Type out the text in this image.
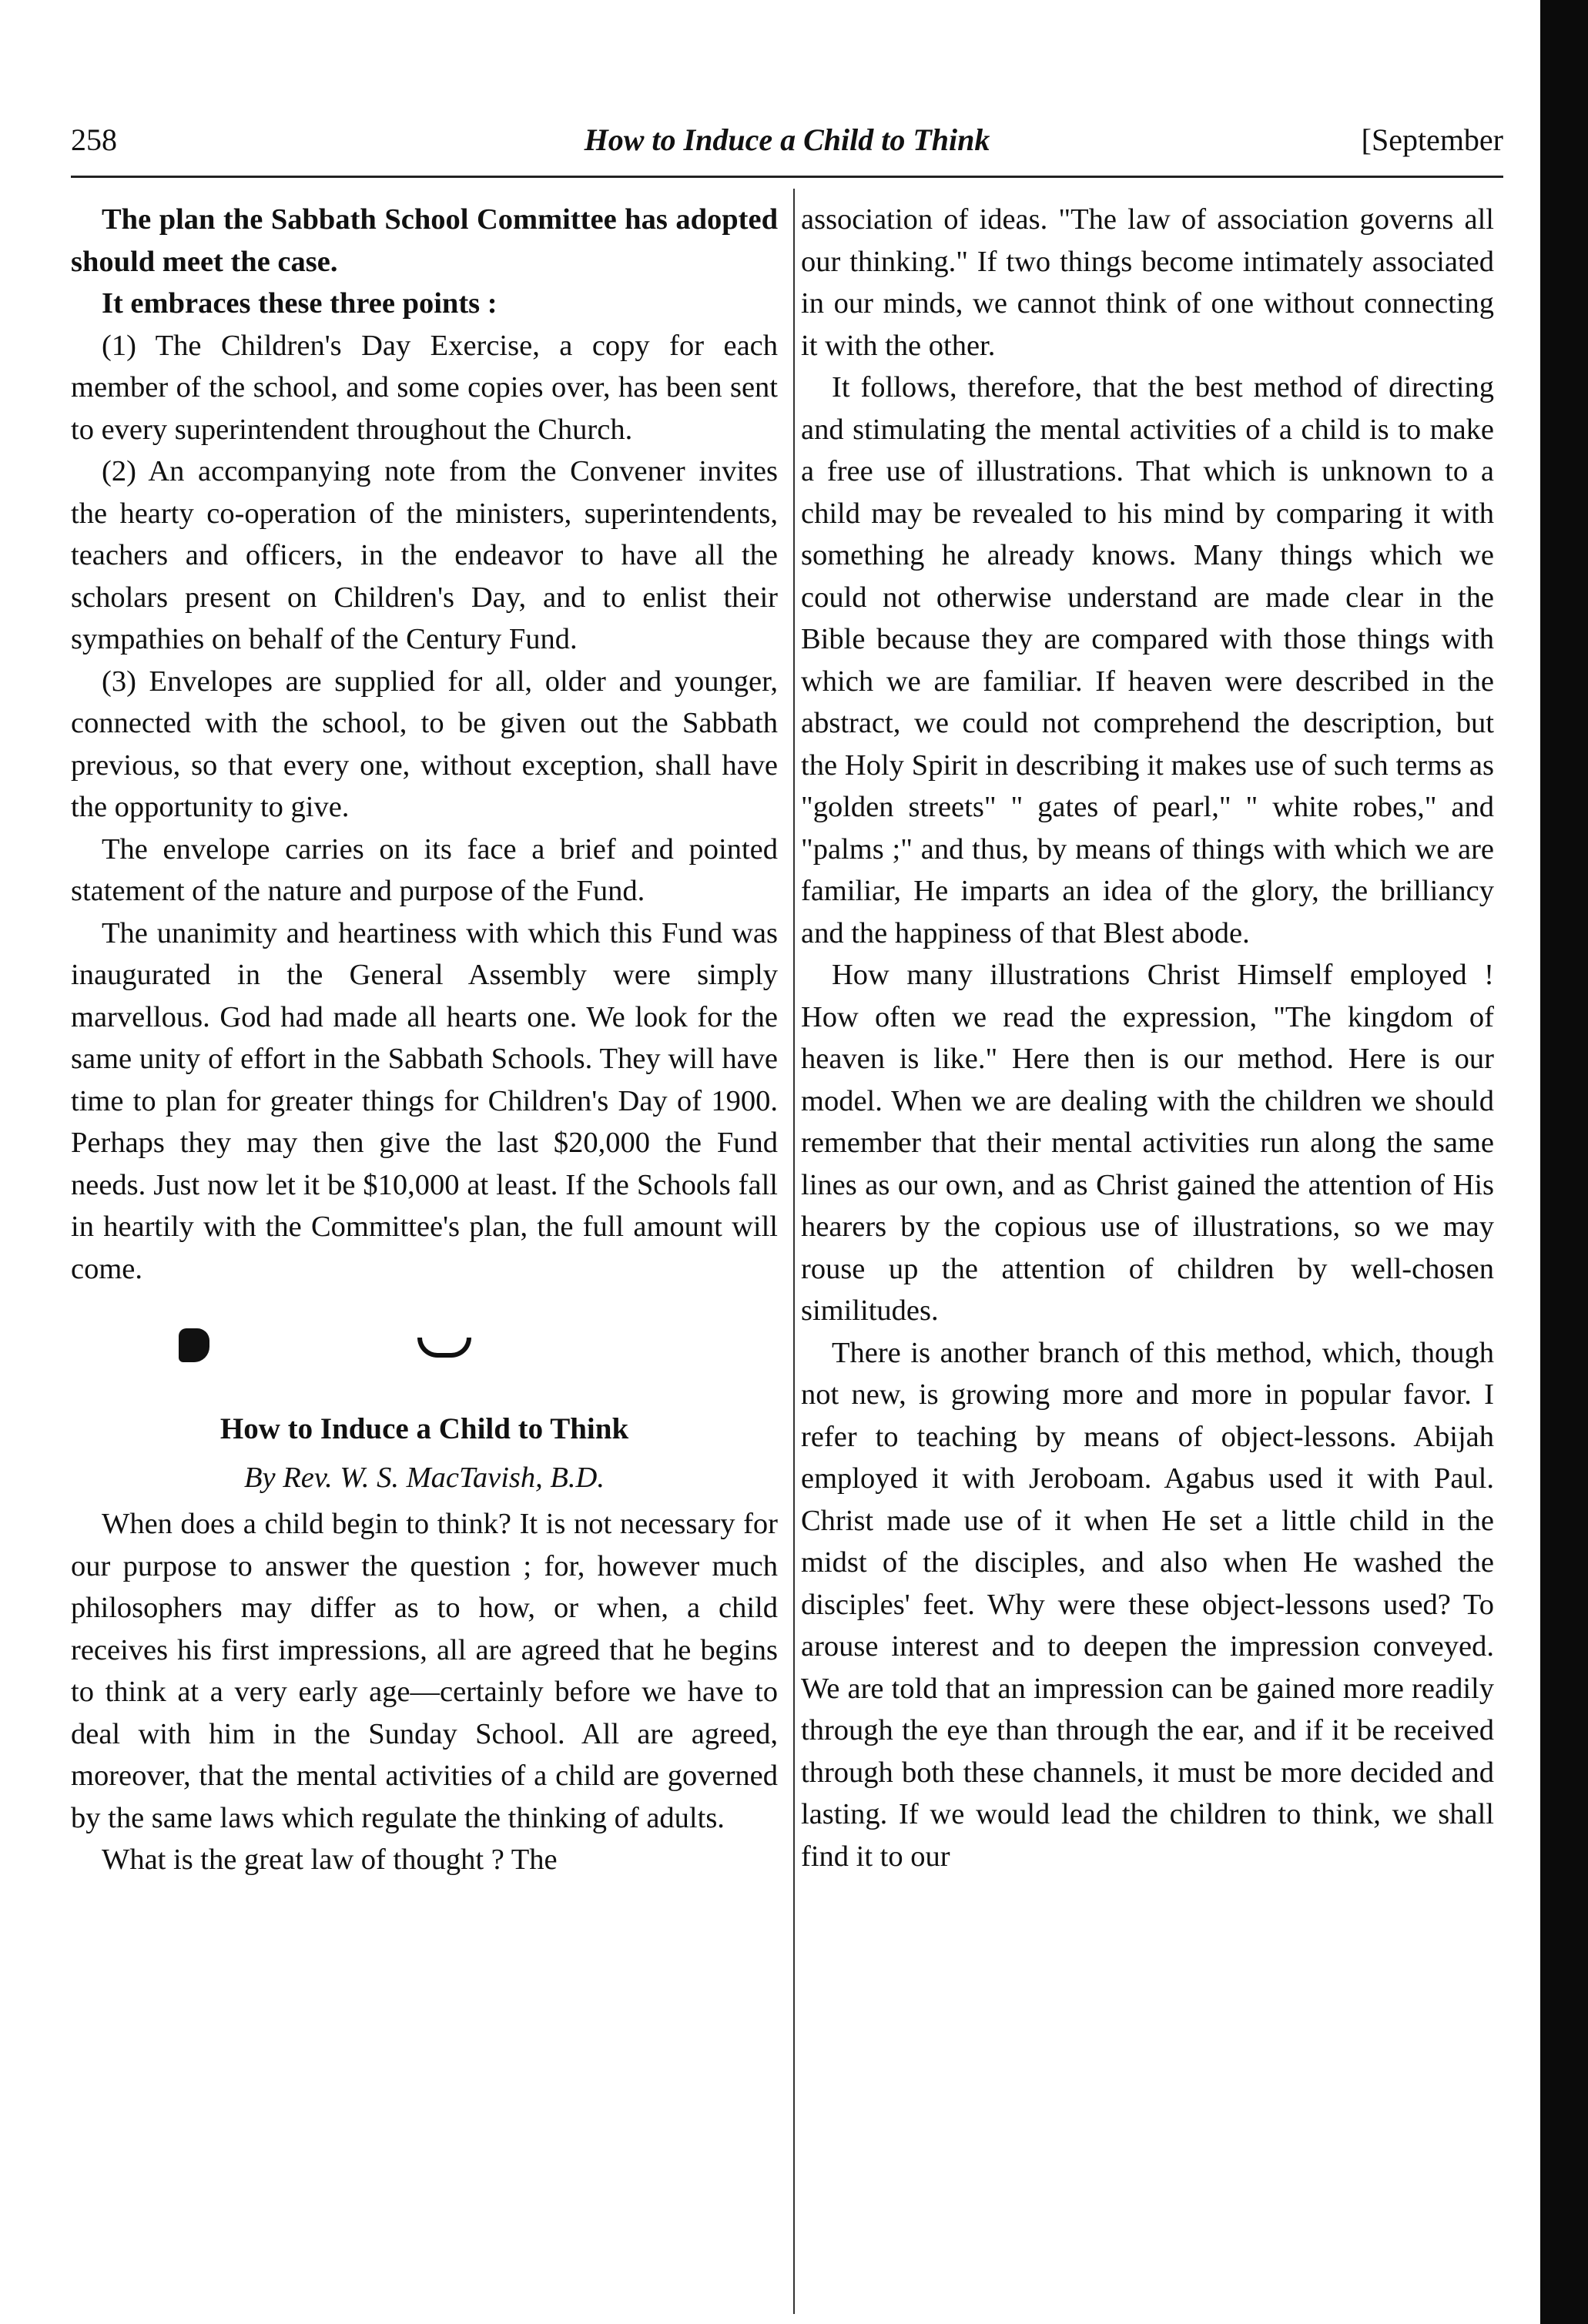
258	How to Induce a Child to Think	[September

The plan the Sabbath School Committee has adopted should meet the case.

It embraces these three points :

(1) The Children's Day Exercise, a copy for each member of the school, and some copies over, has been sent to every superintendent throughout the Church.

(2) An accompanying note from the Convener invites the hearty co-operation of the ministers, superintendents, teachers and officers, in the endeavor to have all the scholars present on Children's Day, and to enlist their sympathies on behalf of the Century Fund.

(3) Envelopes are supplied for all, older and younger, connected with the school, to be given out the Sabbath previous, so that every one, without exception, shall have the opportunity to give.

The envelope carries on its face a brief and pointed statement of the nature and purpose of the Fund.

The unanimity and heartiness with which this Fund was inaugurated in the General Assembly were simply marvellous. God had made all hearts one. We look for the same unity of effort in the Sabbath Schools. They will have time to plan for greater things for Children's Day of 1900. Perhaps they may then give the last $20,000 the Fund needs. Just now let it be $10,000 at least. If the Schools fall in heartily with the Committee's plan, the full amount will come.

How to Induce a Child to Think
By Rev. W. S. MacTavish, B.D.

When does a child begin to think? It is not necessary for our purpose to answer the question ; for, however much philosophers may differ as to how, or when, a child receives his first impressions, all are agreed that he begins to think at a very early age—certainly before we have to deal with him in the Sunday School. All are agreed, moreover, that the mental activities of a child are governed by the same laws which regulate the thinking of adults.

What is the great law of thought ? The

association of ideas. "The law of association governs all our thinking." If two things become intimately associated in our minds, we cannot think of one without connecting it with the other.

It follows, therefore, that the best method of directing and stimulating the mental activities of a child is to make a free use of illustrations. That which is unknown to a child may be revealed to his mind by comparing it with something he already knows. Many things which we could not otherwise understand are made clear in the Bible because they are compared with those things with which we are familiar. If heaven were described in the abstract, we could not comprehend the description, but the Holy Spirit in describing it makes use of such terms as "golden streets" " gates of pearl," " white robes," and "palms ;" and thus, by means of things with which we are familiar, He imparts an idea of the glory, the brilliancy and the happiness of that Blest abode.

How many illustrations Christ Himself employed ! How often we read the expression, "The kingdom of heaven is like." Here then is our method. Here is our model. When we are dealing with the children we should remember that their mental activities run along the same lines as our own, and as Christ gained the attention of His hearers by the copious use of illustrations, so we may rouse up the attention of children by well-chosen similitudes.

There is another branch of this method, which, though not new, is growing more and more in popular favor. I refer to teaching by means of object-lessons. Abijah employed it with Jeroboam. Agabus used it with Paul. Christ made use of it when He set a little child in the midst of the disciples, and also when He washed the disciples' feet. Why were these object-lessons used? To arouse interest and to deepen the impression conveyed. We are told that an impression can be gained more readily through the eye than through the ear, and if it be received through both these channels, it must be more decided and lasting. If we would lead the children to think, we shall find it to our
